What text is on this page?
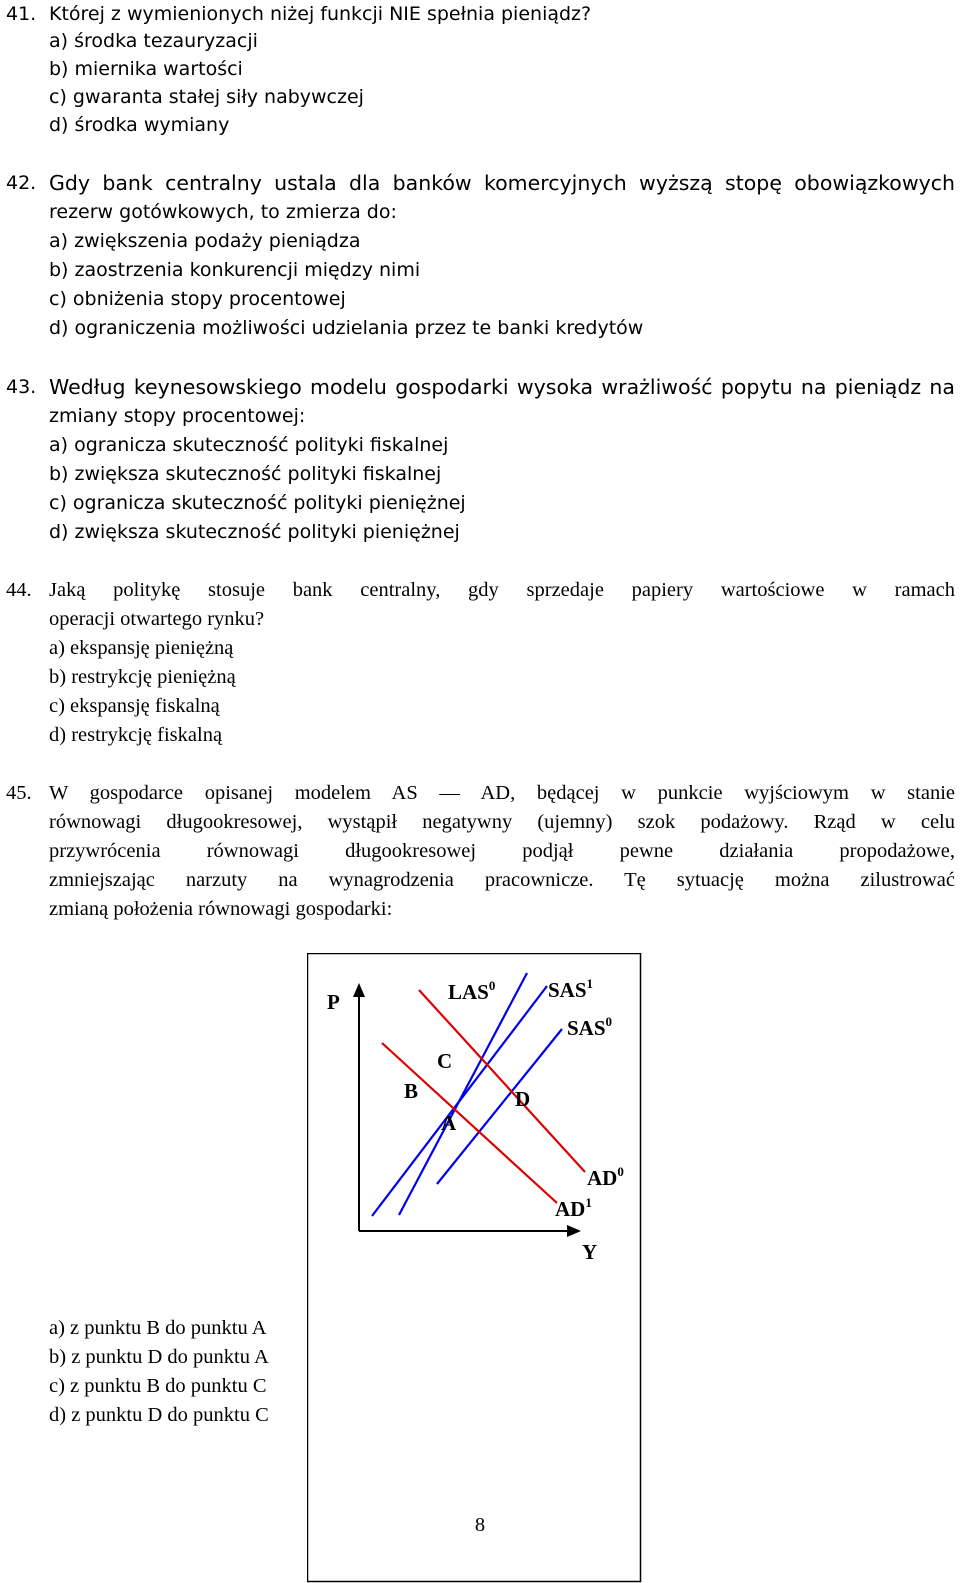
41. Której z wymienionych niżej funkcji NIE spełnia pieniądz?
a) środka tezauryzacji
b) miernika wartości
c) gwaranta stałej siły nabywczej
d) środka wymiany
42. Gdy bank centralny ustala dla banków komercyjnych wyższą stopę obowiązkowych
rezerw gotówkowych, to zmierza do:
a) zwiększenia podaży pieniądza
b) zaostrzenia konkurencji między nimi
c) obniżenia stopy procentowej
d) ograniczenia możliwości udzielania przez te banki kredytów
43. Według keynesowskiego modelu gospodarki wysoka wrażliwość popytu na pieniądz na
zmiany stopy procentowej:
a) ogranicza skuteczność polityki fiskalnej
b) zwiększa skuteczność polityki fiskalnej
c) ogranicza skuteczność polityki pieniężnej
d) zwiększa skuteczność polityki pieniężnej
44. Jaką politykę stosuje bank centralny, gdy sprzedaje papiery wartościowe w ramach
operacji otwartego rynku?
a) ekspansję pieniężną
b) restrykcję pieniężną
c) ekspansję fiskalną
d) restrykcję fiskalną
45. W gospodarce opisanej modelem AS — AD, będącej w punkcie wyjściowym w stanie
równowagi długookresowej, wystąpił negatywny (ujemny) szok podażowy. Rząd w celu
przywrócenia równowagi długookresowej podjął pewne działania propodażowe,
zmniejszając narzuty na wynagrodzenia pracownicze. Tę sytuację można zilustrować
zmianą położenia równowagi gospodarki:
P
Y
LAS$^0$	SAS$^1$
SAS$^0$
$AD^0$
$AD^1$
C
B	D
A
a) z punktu B do punktu A
b) z punktu D do punktu A
c) z punktu B do punktu C
d) z punktu D do punktu C
8
